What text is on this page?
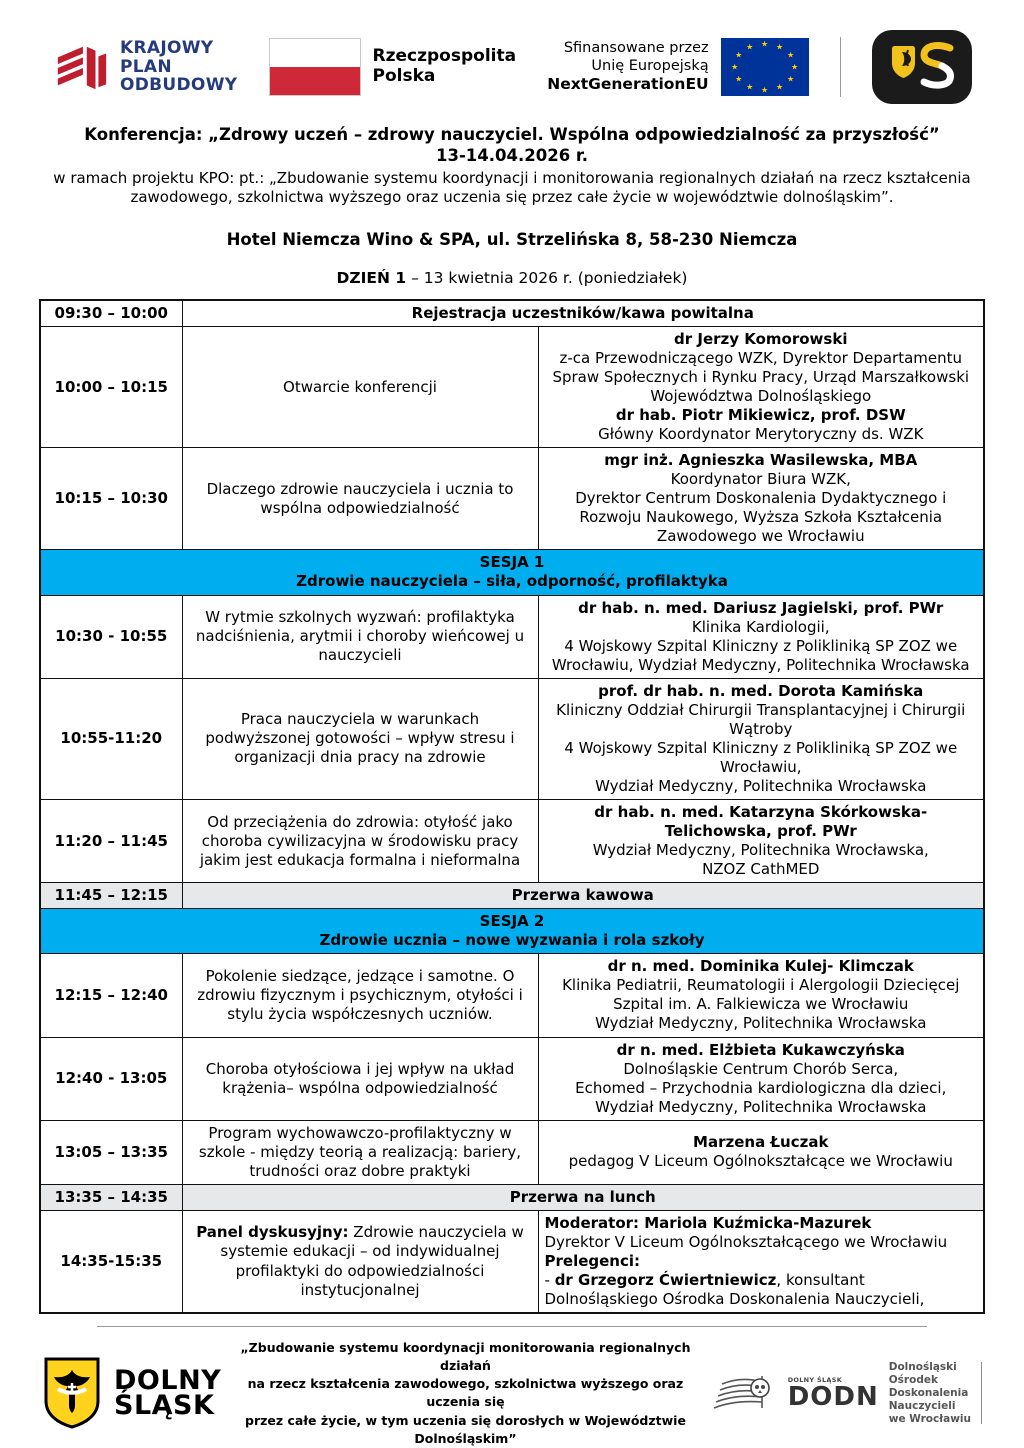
KRAJOWY
PLAN
ODBUDOWY
Rzeczpospolita
Polska
Sfinansowane przez
Unię Europejską
NextGenerationEU
★ ★
★
★
★
★
★
★
★
★
★
★
Konferencja: „Zdrowy uczeń – zdrowy nauczyciel. Wspólna odpowiedzialność za przyszłość” 13-14.04.2026 r.
w ramach projektu KPO: pt.: „Zbudowanie systemu koordynacji i monitorowania regionalnych działań na rzecz kształcenia zawodowego, szkolnictwa wyższego oraz uczenia się przez całe życie w województwie dolnośląskim”.
Hotel Niemcza Wino & SPA, ul. Strzelińska 8, 58-230 Niemcza
DZIEŃ 1 – 13 kwietnia 2026 r. (poniedziałek)
09:30 – 10:00	Rejestracja uczestników/kawa powitalna	
10:00 – 10:15	Otwarcie konferencji	dr Jerzy Komorowski
z-ca Przewodniczącego WZK, Dyrektor Departamentu Spraw Społecznych i Rynku Pracy, Urząd Marszałkowski Województwa Dolnośląskiego
dr hab. Piotr Mikiewicz, prof. DSW
Główny Koordynator Merytoryczny ds. WZK

10:15 – 10:30	Dlaczego zdrowie nauczyciela i ucznia to wspólna odpowiedzialność	mgr inż. Agnieszka Wasilewska, MBA
Koordynator Biura WZK,
Dyrektor Centrum Doskonalenia Dydaktycznego i Rozwoju Naukowego, Wyższa Szkoła Kształcenia Zawodowego we Wrocławiu

SESJA 1
Zdrowie nauczyciela – siła, odporność, profilaktyka		

10:30 - 10:55	W rytmie szkolnych wyzwań: profilaktyka nadciśnienia, arytmii i choroby wieńcowej u nauczycieli	dr hab. n. med. Dariusz Jagielski, prof. PWr
Klinika Kardiologii,
4 Wojskowy Szpital Kliniczny z Polikliniką SP ZOZ we Wrocławiu, Wydział Medyczny, Politechnika Wrocławska

10:55-11:20	Praca nauczyciela w warunkach podwyższonej gotowości – wpływ stresu i organizacji dnia pracy na zdrowie	prof. dr hab. n. med. Dorota Kamińska
Kliniczny Oddział Chirurgii Transplantacyjnej i Chirurgii Wątroby
4 Wojskowy Szpital Kliniczny z Polikliniką SP ZOZ we Wrocławiu,
Wydział Medyczny, Politechnika Wrocławska

11:20 – 11:45	Od przeciążenia do zdrowia: otyłość jako choroba cywilizacyjna w środowisku pracy jakim jest edukacja formalna i nieformalna	dr hab. n. med. Katarzyna Skórkowska-Telichowska, prof. PWr
Wydział Medyczny, Politechnika Wrocławska,
NZOZ CathMED

11:45 – 12:15	Przerwa kawowa	

SESJA 2
Zdrowie ucznia – nowe wyzwania i rola szkoły		

12:15 – 12:40	Pokolenie siedzące, jedzące i samotne. O zdrowiu fizycznym i psychicznym, otyłości i stylu życia współczesnych uczniów.	dr n. med. Dominika Kulej- Klimczak
Klinika Pediatrii, Reumatologii i Alergologii Dziecięcej Szpital im. A. Falkiewicza we Wrocławiu
Wydział Medyczny, Politechnika Wrocławska

12:40 - 13:05	Choroba otyłościowa i jej wpływ na układ krążenia– wspólna odpowiedzialność	dr n. med. Elżbieta Kukawczyńska
Dolnośląskie Centrum Chorób Serca,
Echomed – Przychodnia kardiologiczna dla dzieci,
Wydział Medyczny, Politechnika Wrocławska

13:05 – 13:35	Program wychowawczo-profilaktyczny w szkole - między teorią a realizacją: bariery, trudności oraz dobre praktyki	Marzena Łuczak
pedagog V Liceum Ogólnokształcące we Wrocławiu

13:35 – 14:35	Przerwa na lunch	
14:35-15:35	Panel dyskusyjny: Zdrowie nauczyciela w systemie edukacji – od indywidualnej profilaktyki do odpowiedzialności instytucjonalnej	Moderator: Mariola Kuźmicka-Mazurek
Dyrektor V Liceum Ogólnokształcącego we Wrocławiu
Prelegenci:
- dr Grzegorz Ćwiertniewicz, konsultant Dolnośląskiego Ośrodka Doskonalenia Nauczycieli,
DOLNY
ŚLĄSK
„Zbudowanie systemu koordynacji monitorowania regionalnych działań
na rzecz kształcenia zawodowego, szkolnictwa wyższego oraz uczenia się
przez całe życie, w tym uczenia się dorosłych w Województwie Dolnośląskim”
DOLNY ŚLĄSK
DODN
Dolnośląski
Ośrodek
Doskonalenia
Nauczycieli
we Wrocławiu
